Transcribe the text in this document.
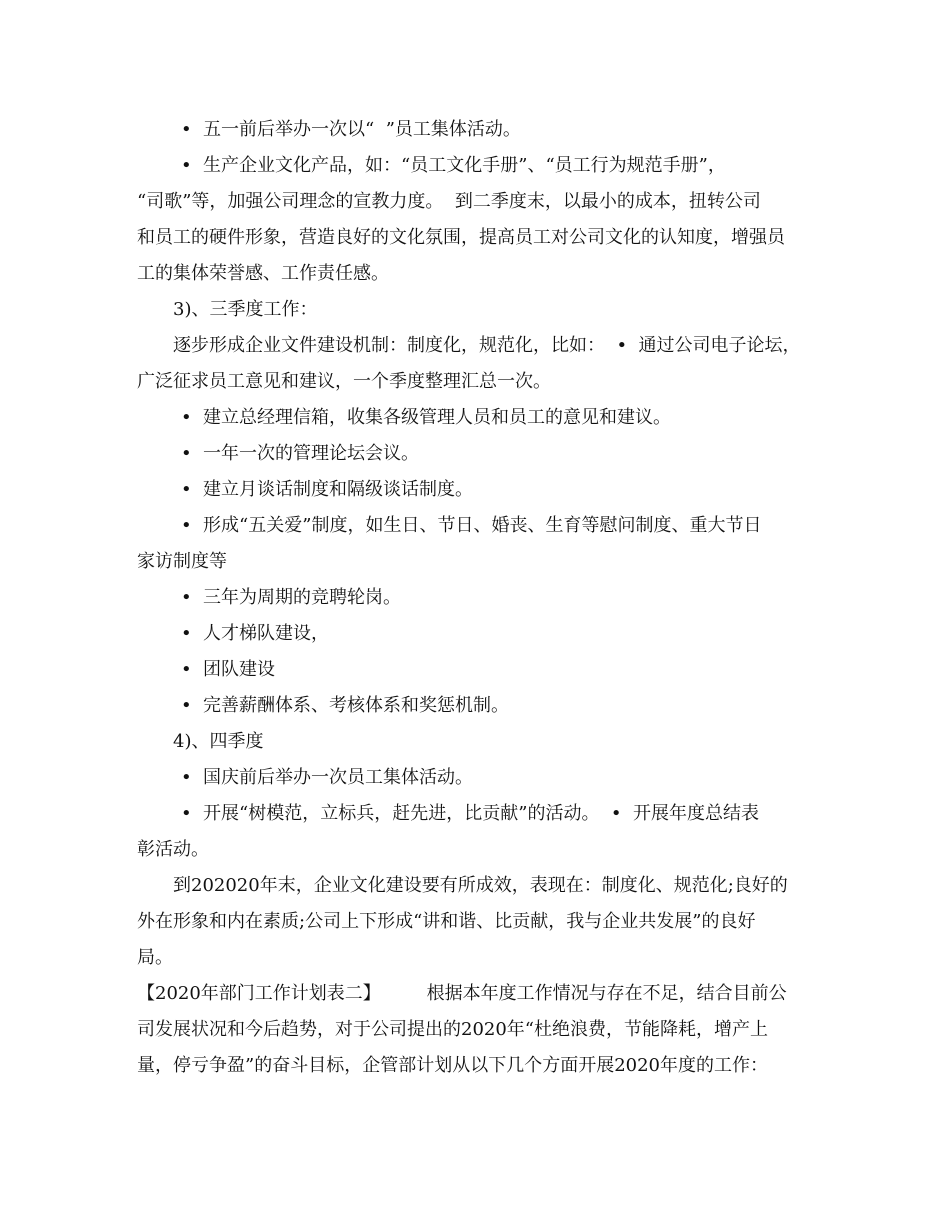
•  五一前后举办一次以“  ”员工集体活动。
•  生产企业文化产品，如：“员工文化手册”、“员工行为规范手册”，
“司歌”等，加强公司理念的宣教力度。  到二季度末，以最小的成本，扭转公司
和员工的硬件形象，营造良好的文化氛围，提高员工对公司文化的认知度，增强员
工的集体荣誉感、工作责任感。
3)、三季度工作：
逐步形成企业文件建设机制：制度化，规范化，比如：  •  通过公司电子论坛，
广泛征求员工意见和建议，一个季度整理汇总一次。
•  建立总经理信箱，收集各级管理人员和员工的意见和建议。
•  一年一次的管理论坛会议。
•  建立月谈话制度和隔级谈话制度。
•  形成“五关爱”制度，如生日、节日、婚丧、生育等慰问制度、重大节日
家访制度等
•  三年为周期的竞聘轮岗。
•  人才梯队建设，
•  团队建设
•  完善薪酬体系、考核体系和奖惩机制。
4)、四季度
•  国庆前后举办一次员工集体活动。
•  开展“树模范，立标兵，赶先进，比贡献”的活动。  •  开展年度总结表
彰活动。
到202020年末，企业文化建设要有所成效，表现在：制度化、规范化;良好的
外在形象和内在素质;公司上下形成“讲和谐、比贡献，我与企业共发展”的良好
局。
【2020年部门工作计划表二】        根据本年度工作情况与存在不足，结合目前公
司发展状况和今后趋势，对于公司提出的2020年“杜绝浪费，节能降耗，增产上
量，停亏争盈”的奋斗目标，企管部计划从以下几个方面开展2020年度的工作：
